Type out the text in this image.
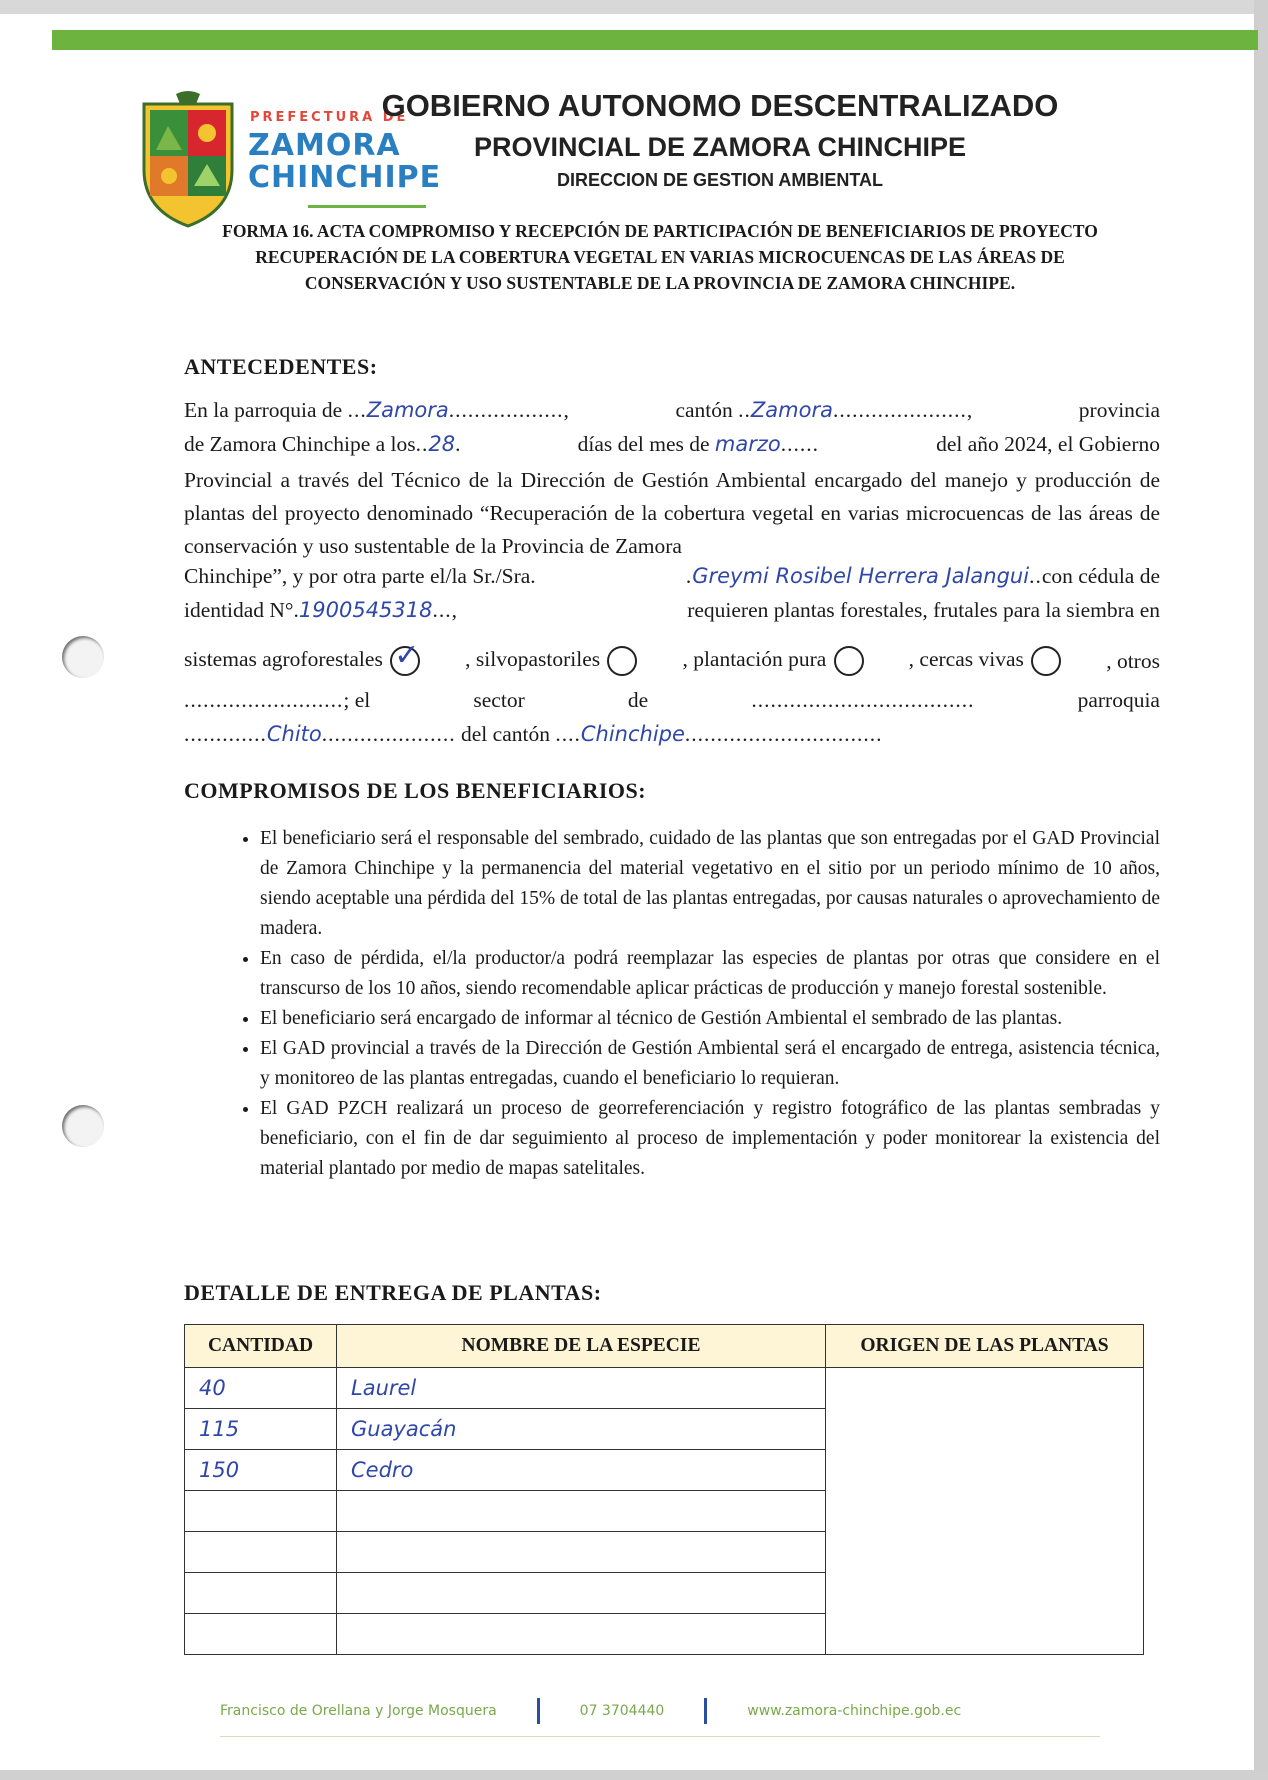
PREFECTURA DE
ZAMORA
CHINCHIPE
GOBIERNO AUTONOMO DESCENTRALIZADO
PROVINCIAL DE ZAMORA CHINCHIPE
DIRECCION DE GESTION AMBIENTAL
FORMA 16. ACTA COMPROMISO Y RECEPCIÓN DE PARTICIPACIÓN DE BENEFICIARIOS DE PROYECTO
RECUPERACIÓN DE LA COBERTURA VEGETAL EN VARIAS MICROCUENCAS DE LAS ÁREAS DE
CONSERVACIÓN Y USO SUSTENTABLE DE LA PROVINCIA DE ZAMORA CHINCHIPE.
ANTECEDENTES:
En la parroquia de ...Zamora..................,	cantón ..Zamora.....................,	provincia
de Zamora Chinchipe a los..28.	días del mes de marzo......	del año 2024, el Gobierno
Provincial a través del Técnico de la Dirección de Gestión Ambiental encargado del manejo y producción de plantas del proyecto denominado “Recuperación de la cobertura vegetal en varias microcuencas de las áreas de conservación y uso sustentable de la Provincia de Zamora
Chinchipe”, y por otra parte el/la Sr./Sra.	.Greymi Rosibel Herrera Jalangui..con cédula de
identidad N°.1900545318...,	requieren plantas forestales, frutales para la siembra en
sistemas agroforestales ✓	, silvopastoriles	, plantación pura	, cercas vivas	, otros
.........................; el	sector	de	...................................	parroquia
.............Chito..................... del cantón ....Chinchipe...............................
COMPROMISOS DE LOS BENEFICIARIOS:
• El beneficiario será el responsable del sembrado, cuidado de las plantas que son entregadas por el GAD Provincial de Zamora Chinchipe y la permanencia del material vegetativo en el sitio por un periodo mínimo de 10 años, siendo aceptable una pérdida del 15% de total de las plantas entregadas, por causas naturales o aprovechamiento de madera.
• En caso de pérdida, el/la productor/a podrá reemplazar las especies de plantas por otras que considere en el transcurso de los 10 años, siendo recomendable aplicar prácticas de producción y manejo forestal sostenible.
• El beneficiario será encargado de informar al técnico de Gestión Ambiental el sembrado de las plantas.
• El GAD provincial a través de la Dirección de Gestión Ambiental será el encargado de entrega, asistencia técnica, y monitoreo de las plantas entregadas, cuando el beneficiario lo requieran.
• El GAD PZCH realizará un proceso de georreferenciación y registro fotográfico de las plantas sembradas y beneficiario, con el fin de dar seguimiento al proceso de implementación y poder monitorear la existencia del material plantado por medio de mapas satelitales.
DETALLE DE ENTREGA DE PLANTAS:
CANTIDAD	NOMBRE DE LA ESPECIE	ORIGEN DE LAS PLANTAS
40	Laurel	
115	Guayacán	
150	Cedro	

Francisco de Orellana y Jorge Mosquera	07 3704440	www.zamora-chinchipe.gob.ec
